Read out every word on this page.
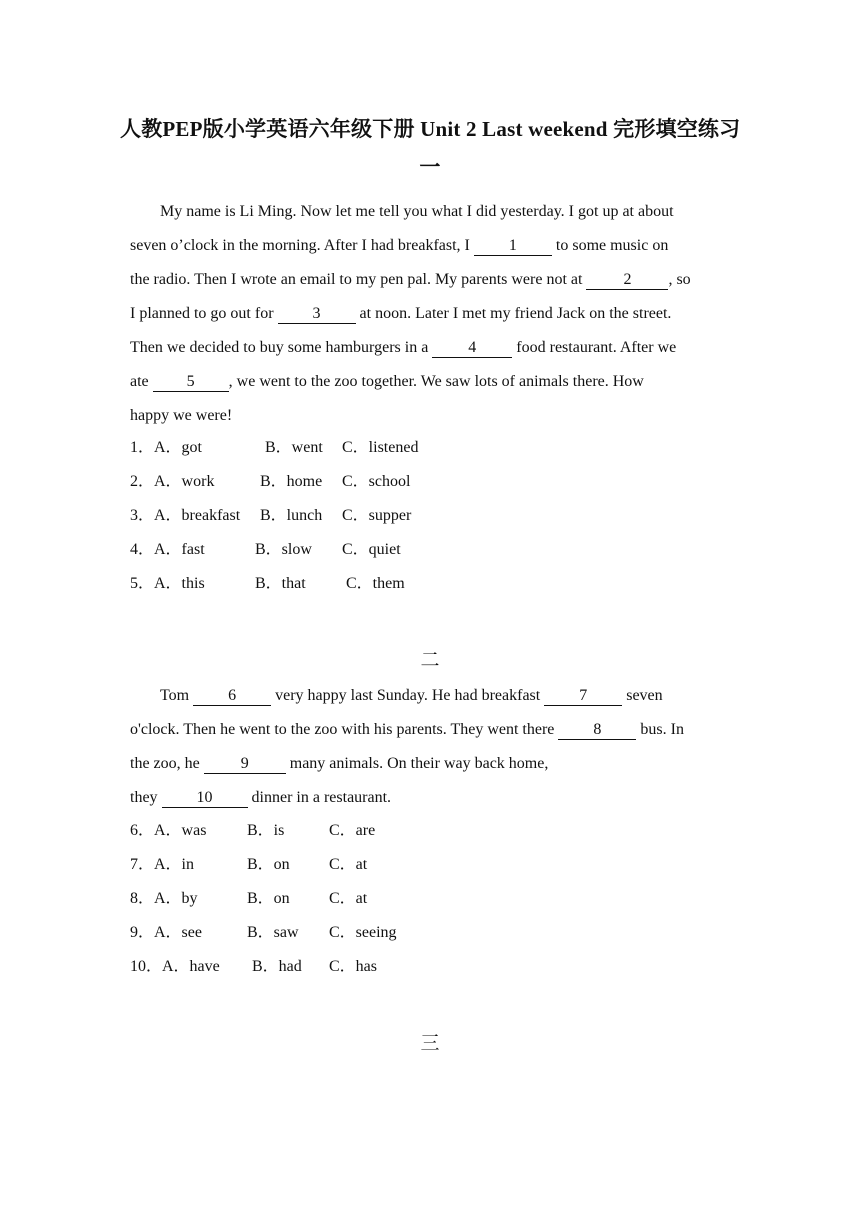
人教PEP版小学英语六年级下册 Unit 2 Last weekend 完形填空练习
一
My name is Li Ming. Now let me tell you what I did yesterday. I got up at about
seven o’clock in the morning. After I had breakfast, I 1 to some music on
the radio. Then I wrote an email to my pen pal. My parents were not at 2 , so
I planned to go out for 3 at noon. Later I met my friend Jack on the street.
Then we decided to buy some hamburgers in a 4 food restaurant. After we
ate 5 , we went to the zoo together. We saw lots of animals there. How
happy we were!
1．A．got	B．went C．listened
2．A．work	B．home C．school
3．A．breakfast B．lunch C．supper
4．A．fast	B．slow C．quiet
5．A．this	B．that	C．them
二
Tom 6 very happy last Sunday. He had breakfast 7 seven
o'clock. Then he went to the zoo with his parents. They went there 8 bus. In
the zoo, he 9 many animals. On their way back home,
they 10 dinner in a restaurant.
6．A．was	B．is	C．are
7．A．in	B．on C．at
8．A．by	B．on C．at
9．A．see	B．saw C．seeing
10．A．have B．had C．has
三
